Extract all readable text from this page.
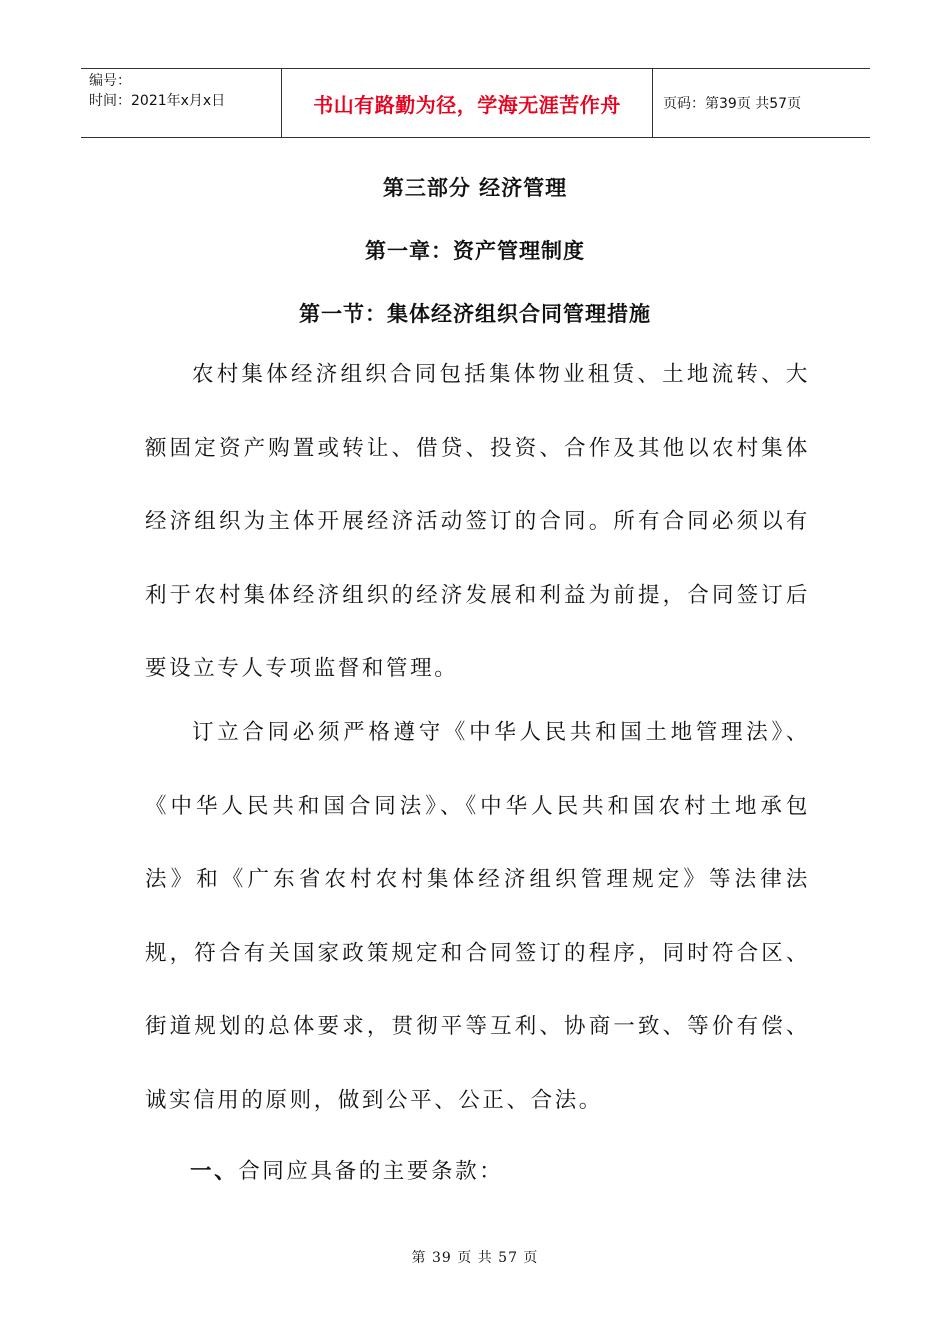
编号：
时间：2021年x月x日	书山有路勤为径，学海无涯苦作舟	页码：第39页 共57页
第三部分 经济管理
第一章：资产管理制度
第一节：集体经济组织合同管理措施

农村集体经济组织合同包括集体物业租赁、土地流转、大额固定资产购置或转让、借贷、投资、合作及其他以农村集体经济组织为主体开展经济活动签订的合同。所有合同必须以有利于农村集体经济组织的经济发展和利益为前提，合同签订后要设立专人专项监督和管理。

订立合同必须严格遵守《中华人民共和国土地管理法》、《中华人民共和国合同法》、《中华人民共和国农村土地承包法》和《广东省农村农村集体经济组织管理规定》等法律法规，符合有关国家政策规定和合同签订的程序，同时符合区、街道规划的总体要求，贯彻平等互利、协商一致、等价有偿、诚实信用的原则，做到公平、公正、合法。

一、合同应具备的主要条款：
第 39 页 共 57 页
